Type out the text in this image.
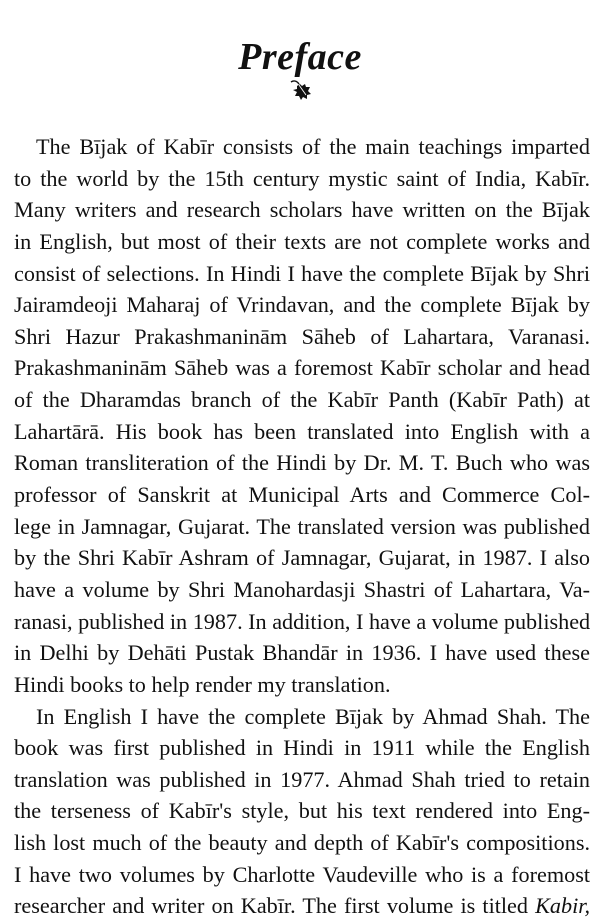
Preface
The Bījak of Kabīr consists of the main teachings imparted
to the world by the 15th century mystic saint of India, Kabīr.
Many writers and research scholars have written on the Bījak
in English, but most of their texts are not complete works and
consist of selections. In Hindi I have the complete Bījak by Shri
Jairamdeoji Maharaj of Vrindavan, and the complete Bījak by
Shri Hazur Prakashmaninām Sāheb of Lahartara, Varanasi.
Prakashmaninām Sāheb was a foremost Kabīr scholar and head
of the Dharamdas branch of the Kabīr Panth (Kabīr Path) at
Lahartārā. His book has been translated into English with a
Roman transliteration of the Hindi by Dr. M. T. Buch who was
professor of Sanskrit at Municipal Arts and Commerce Col-
lege in Jamnagar, Gujarat. The translated version was published
by the Shri Kabīr Ashram of Jamnagar, Gujarat, in 1987. I also
have a volume by Shri Manohardasji Shastri of Lahartara, Va-
ranasi, published in 1987. In addition, I have a volume published
in Delhi by Dehāti Pustak Bhandār in 1936. I have used these
Hindi books to help render my translation.
In English I have the complete Bījak by Ahmad Shah. The
book was first published in Hindi in 1911 while the English
translation was published in 1977. Ahmad Shah tried to retain
the terseness of Kabīr's style, but his text rendered into Eng-
lish lost much of the beauty and depth of Kabīr's compositions.
I have two volumes by Charlotte Vaudeville who is a foremost
researcher and writer on Kabīr. The first volume is titled Kabir,
